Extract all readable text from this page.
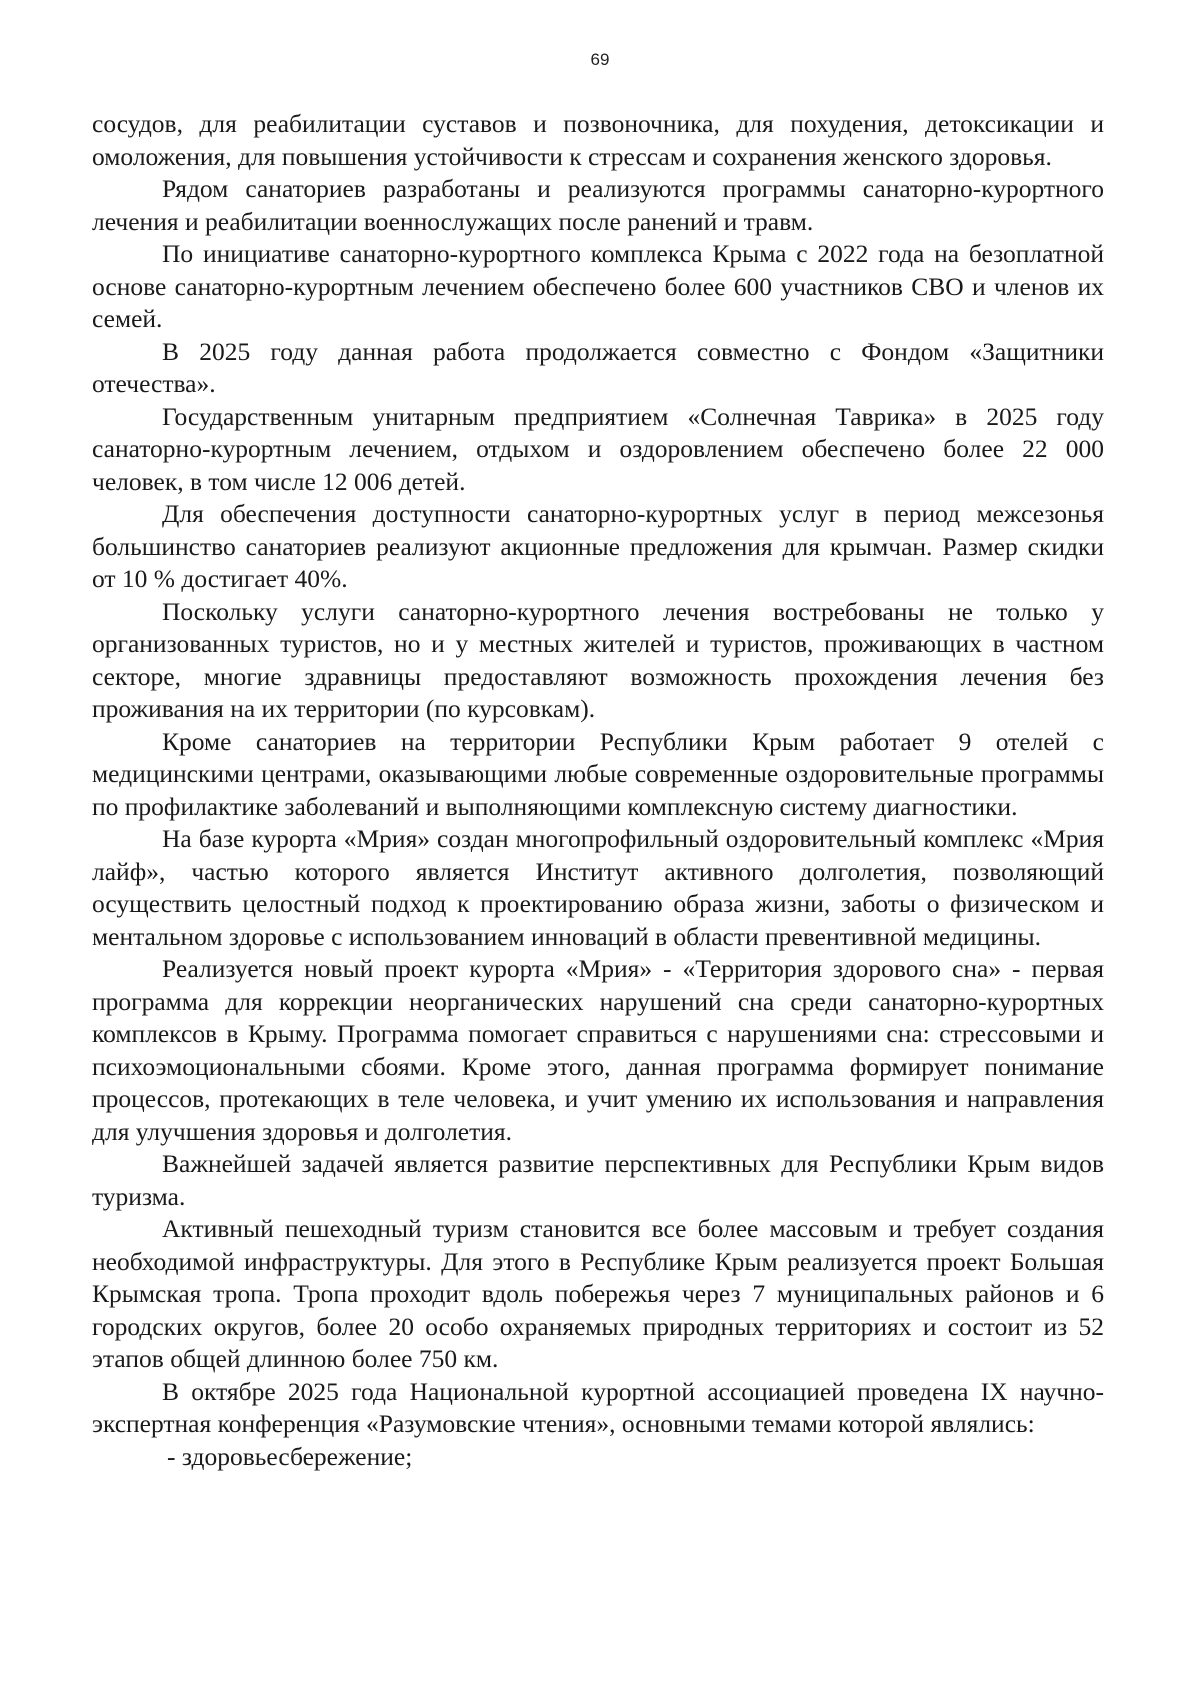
69

сосудов, для реабилитации суставов и позвоночника, для похудения, детоксикации и омоложения, для повышения устойчивости к стрессам и сохранения женского здоровья.

Рядом санаториев разработаны и реализуются программы санаторно-курортного лечения и реабилитации военнослужащих после ранений и травм.

По инициативе санаторно-курортного комплекса Крыма с 2022 года на безоплатной основе санаторно-курортным лечением обеспечено более 600 участников СВО и членов их семей.

В 2025 году данная работа продолжается совместно с Фондом «Защитники отечества».

Государственным унитарным предприятием «Солнечная Таврика» в 2025 году санаторно-курортным лечением, отдыхом и оздоровлением обеспечено более 22 000 человек, в том числе 12 006 детей.

Для обеспечения доступности санаторно-курортных услуг в период межсезонья большинство санаториев реализуют акционные предложения для крымчан. Размер скидки от 10 % достигает 40%.

Поскольку услуги санаторно-курортного лечения востребованы не только у организованных туристов, но и у местных жителей и туристов, проживающих в частном секторе, многие здравницы предоставляют возможность прохождения лечения без проживания на их территории (по курсовкам).

Кроме санаториев на территории Республики Крым работает 9 отелей с медицинскими центрами, оказывающими любые современные оздоровительные программы по профилактике заболеваний и выполняющими комплексную систему диагностики.

На базе курорта «Мрия» создан многопрофильный оздоровительный комплекс «Мрия лайф», частью которого является Институт активного долголетия, позволяющий осуществить целостный подход к проектированию образа жизни, заботы о физическом и ментальном здоровье с использованием инноваций в области превентивной медицины.

Реализуется новый проект курорта «Мрия» - «Территория здорового сна» - первая программа для коррекции неорганических нарушений сна среди санаторно-курортных комплексов в Крыму. Программа помогает справиться с нарушениями сна: стрессовыми и психоэмоциональными сбоями. Кроме этого, данная программа формирует понимание процессов, протекающих в теле человека, и учит умению их использования и направления для улучшения здоровья и долголетия.

Важнейшей задачей является развитие перспективных для Республики Крым видов туризма.

Активный пешеходный туризм становится все более массовым и требует создания необходимой инфраструктуры. Для этого в Республике Крым реализуется проект Большая Крымская тропа. Тропа проходит вдоль побережья через 7 муниципальных районов и 6 городских округов, более 20 особо охраняемых природных территориях и состоит из 52 этапов общей длинною более 750 км.

В октябре 2025 года Национальной курортной ассоциацией проведена IX научно-экспертная конференция «Разумовские чтения», основными темами которой являлись:

- здоровьесбережение;
